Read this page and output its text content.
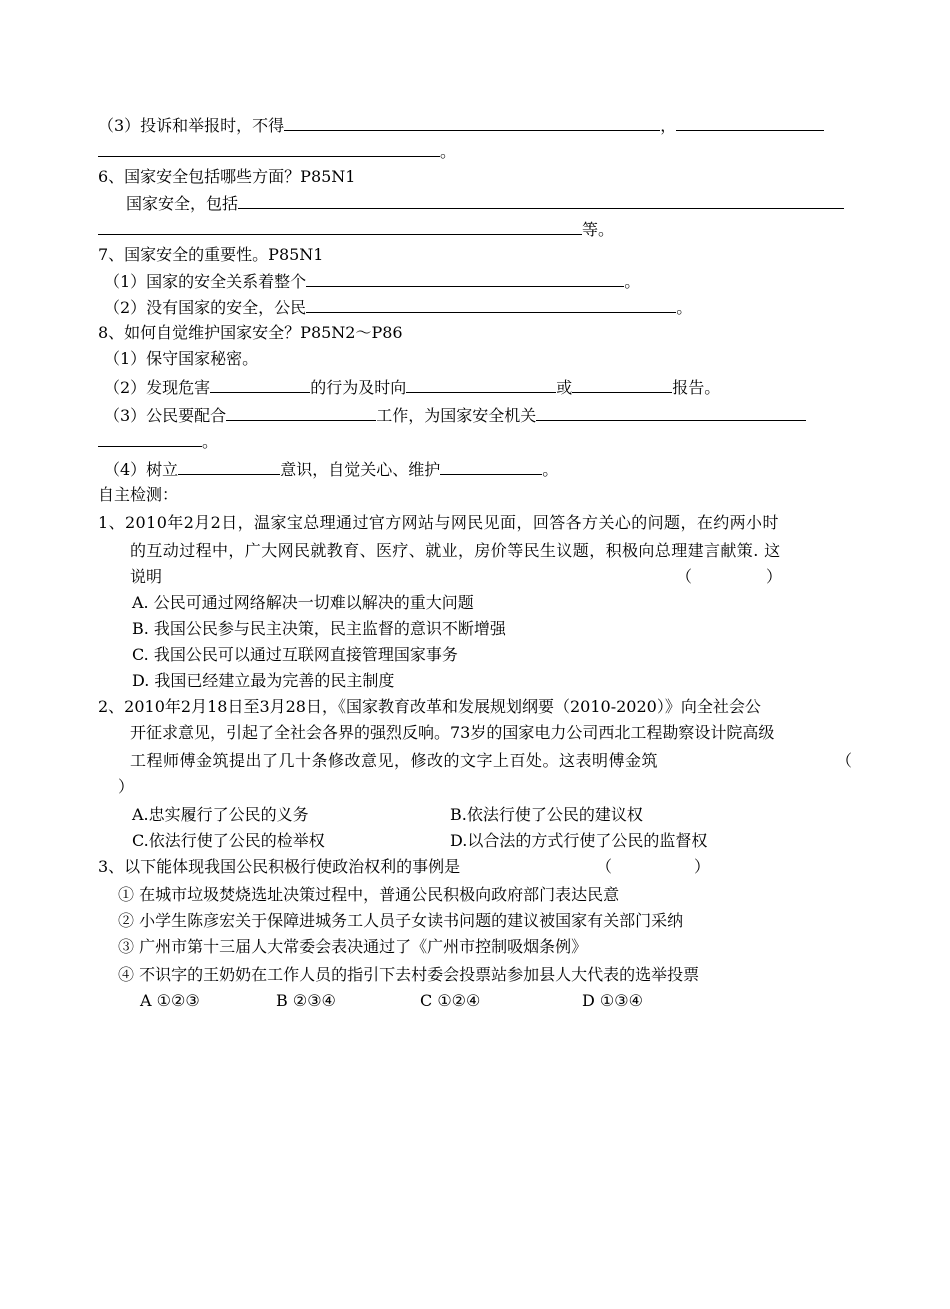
（3）投诉和举报时，不得	，
。
6、国家安全包括哪些方面？P85N1
国家安全，包括
等。
7、国家安全的重要性。P85N1
（1）国家的安全关系着整个	。
（2）没有国家的安全，公民	。
8、如何自觉维护国家安全？P85N2～P86
（1）保守国家秘密。
（2）发现危害	的行为及时向	或	报告。
（3）公民要配合	工作，为国家安全机关
。
（4）树立	意识，自觉关心、维护	。
自主检测：
1、2010年2月2日，温家宝总理通过官方网站与网民见面，回答各方关心的问题，在约两小时
的互动过程中，广大网民就教育、医疗、就业，房价等民生议题，积极向总理建言献策. 这
说明	（	）
A. 公民可通过网络解决一切难以解决的重大问题
B. 我国公民参与民主决策，民主监督的意识不断增强
C. 我国公民可以通过互联网直接管理国家事务
D. 我国已经建立最为完善的民主制度
2、2010年2月18日至3月28日，《国家教育改革和发展规划纲要（2010-2020）》向全社会公
开征求意见，引起了全社会各界的强烈反响。73岁的国家电力公司西北工程勘察设计院高级
工程师傅金筑提出了几十条修改意见，修改的文字上百处。这表明傅金筑	（
）
A.忠实履行了公民的义务	B.依法行使了公民的建议权
C.依法行使了公民的检举权	D.以合法的方式行使了公民的监督权
3、以下能体现我国公民积极行使政治权利的事例是	（	）
① 在城市垃圾焚烧选址决策过程中，普通公民积极向政府部门表达民意
② 小学生陈彦宏关于保障进城务工人员子女读书问题的建议被国家有关部门采纳
③ 广州市第十三届人大常委会表决通过了《广州市控制吸烟条例》
④ 不识字的王奶奶在工作人员的指引下去村委会投票站参加县人大代表的选举投票
A ①②③	B ②③④	C ①②④	D ①③④
